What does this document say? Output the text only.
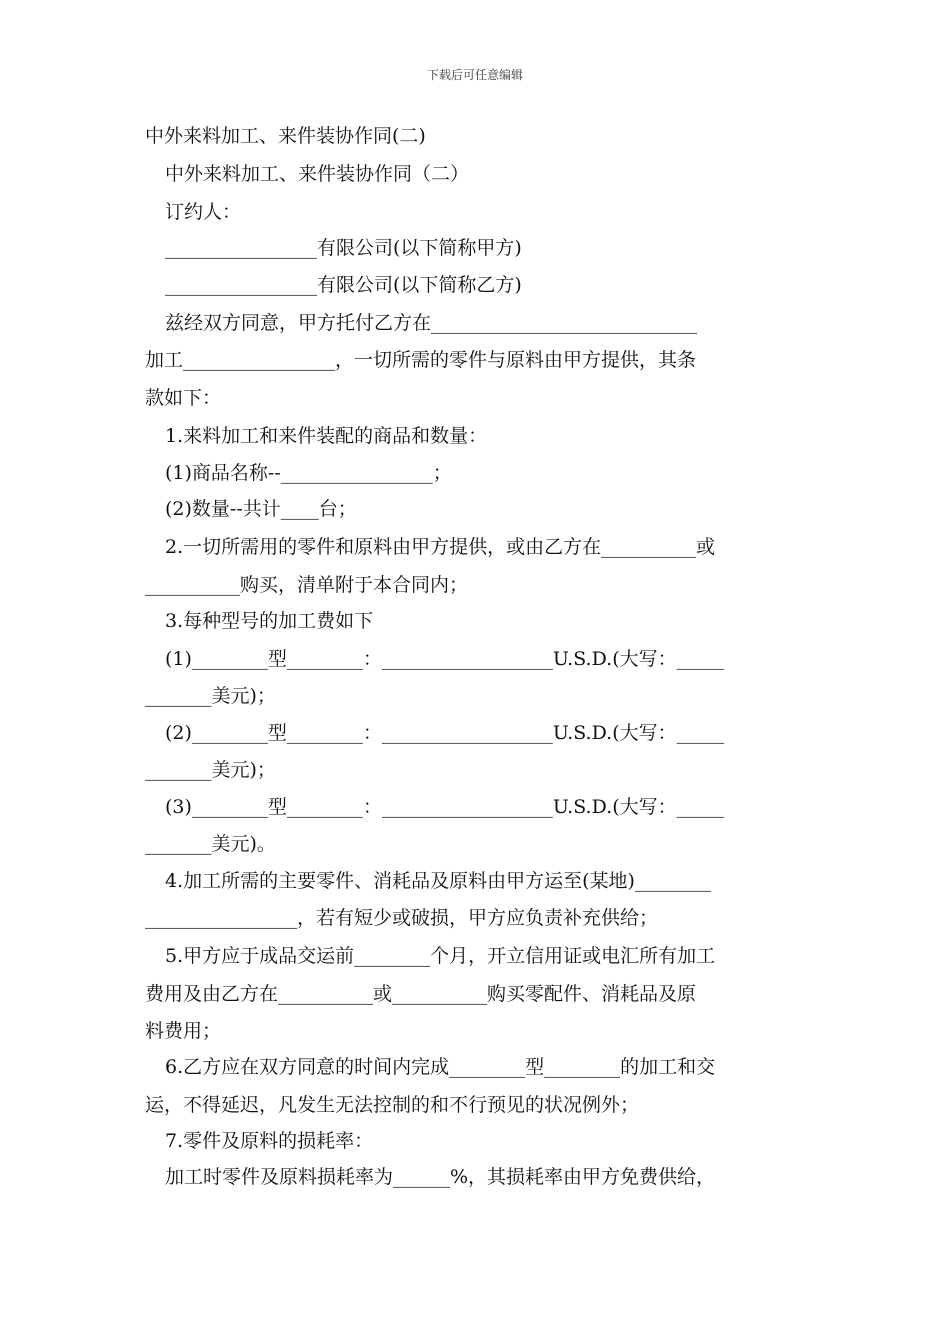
下载后可任意编辑
中外来料加工、来件装协作同(二)
中外来料加工、来件装协作同（二）
订约人：
________________有限公司(以下简称甲方)
________________有限公司(以下简称乙方)
兹经双方同意，甲方托付乙方在____________________________
加工________________，一切所需的零件与原料由甲方提供，其条
款如下：
1.来料加工和来件装配的商品和数量：
(1)商品名称--________________；
(2)数量--共计____台；
2.一切所需用的零件和原料由甲方提供，或由乙方在__________或
__________购买，清单附于本合同内；
3.每种型号的加工费如下
(1)________型________：__________________U.S.D.(大写：_____
_______美元)；
(2)________型________：__________________U.S.D.(大写：_____
_______美元)；
(3)________型________：__________________U.S.D.(大写：_____
_______美元)。
4.加工所需的主要零件、消耗品及原料由甲方运至(某地)________
________________，若有短少或破损，甲方应负责补充供给；
5.甲方应于成品交运前________个月，开立信用证或电汇所有加工
费用及由乙方在__________或__________购买零配件、消耗品及原
料费用；
6.乙方应在双方同意的时间内完成________型________的加工和交
运，不得延迟，凡发生无法控制的和不行预见的状况例外；
7.零件及原料的损耗率：
加工时零件及原料损耗率为______%，其损耗率由甲方免费供给，
